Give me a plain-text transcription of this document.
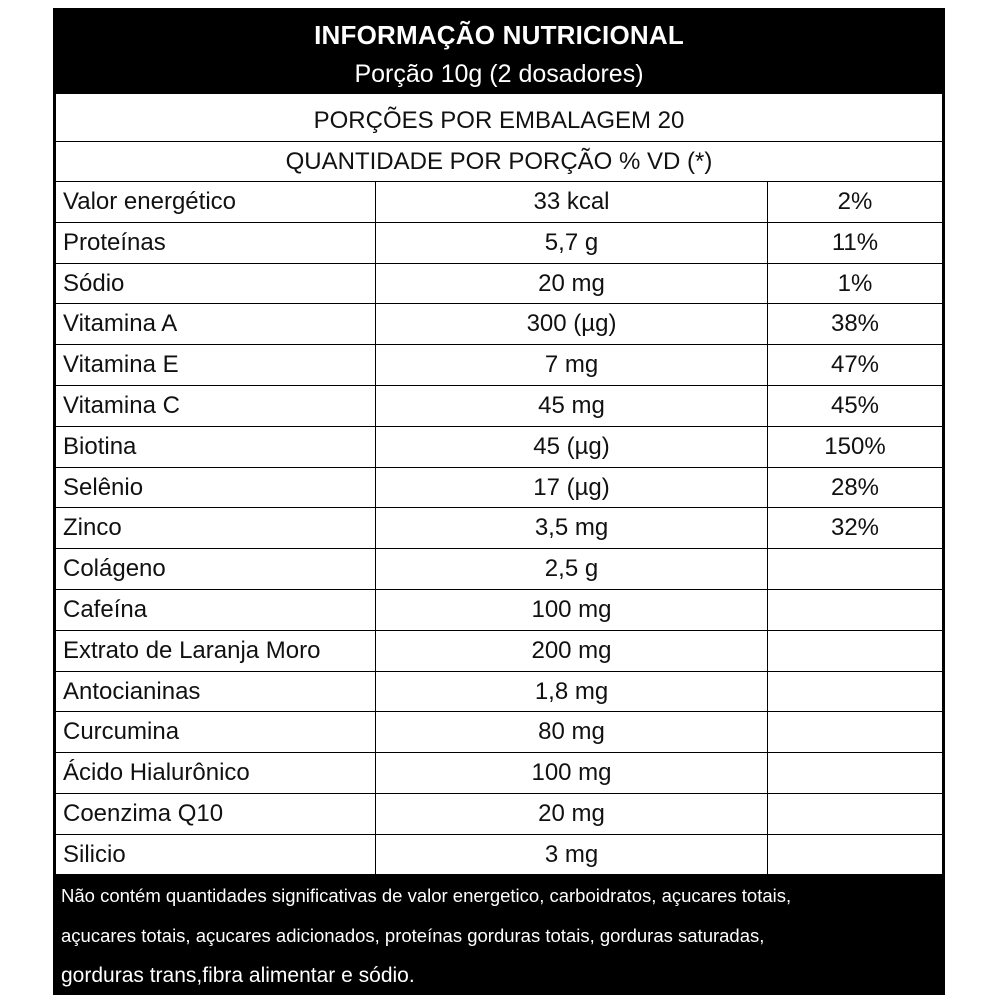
INFORMAÇÃO NUTRICIONAL
Porção 10g (2 dosadores)
PORÇÕES POR EMBALAGEM 20
QUANTIDADE POR PORÇÃO % VD (*)
Valor energético	33 kcal	2%
Proteínas	5,7 g	11%
Sódio	20 mg	1%
Vitamina A	300 (µg)	38%
Vitamina E	7 mg	47%
Vitamina C	45 mg	45%
Biotina	45 (µg)	150%
Selênio	17 (µg)	28%
Zinco	3,5 mg	32%
Colágeno	2,5 g
Cafeína	100 mg
Extrato de Laranja Moro	200 mg
Antocianinas	1,8 mg
Curcumina	80 mg
Ácido Hialurônico	100 mg
Coenzima Q10	20 mg
Silicio	3 mg
Não contém quantidades significativas de valor energetico, carboidratos, açucares totais,
açucares totais, açucares adicionados, proteínas gorduras totais, gorduras saturadas,
gorduras trans,fibra alimentar e sódio.
